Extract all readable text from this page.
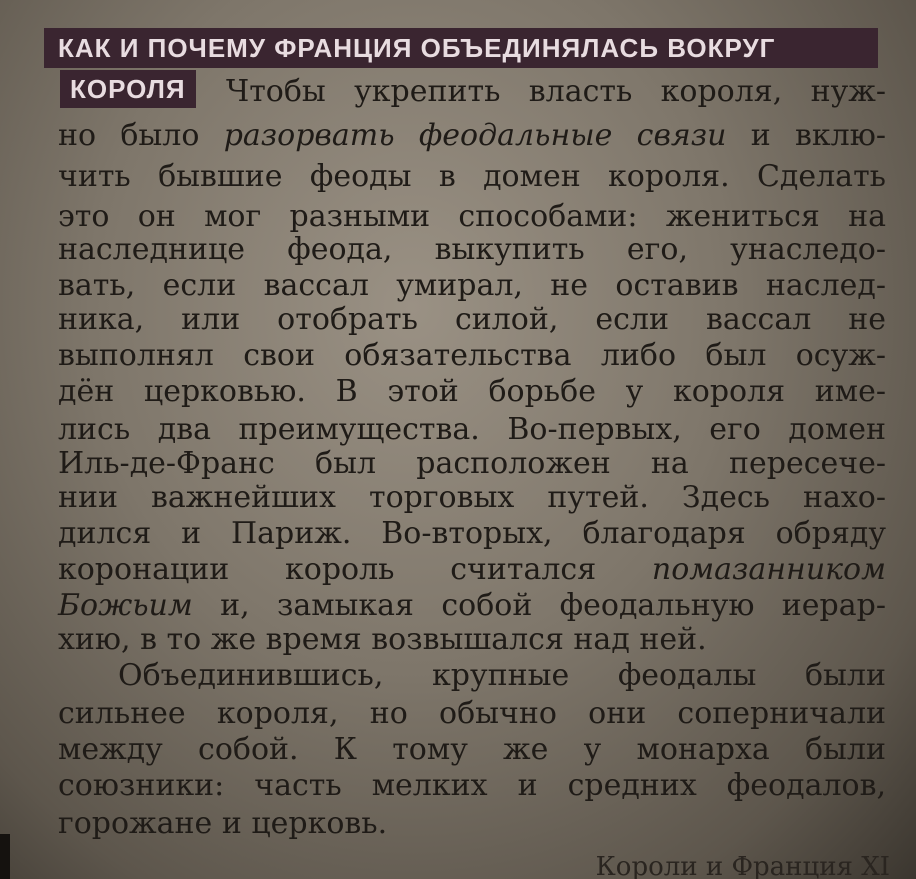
КАК И ПОЧЕМУ ФРАНЦИЯ ОБЪЕДИНЯЛАСЬ ВОКРУГ
КОРОЛЯ	Чтобы укрепить власть короля, нуж-
но было разорвать феодальные связи и вклю-
чить бывшие феоды в домен короля. Сделать
это он мог разными способами: жениться на
наследнице феода, выкупить его, унаследо-
вать, если вассал умирал, не оставив наслед-
ника, или отобрать силой, если вассал не
выполнял свои обязательства либо был осуж-
дён церковью. В этой борьбе у короля име-
лись два преимущества. Во-первых, его домен
Иль-де-Франс был расположен на пересече-
нии важнейших торговых путей. Здесь нахо-
дился и Париж. Во-вторых, благодаря обряду
коронации король считался помазанником
Божьим и, замыкая собой феодальную иерар-
хию, в то же время возвышался над ней.
Объединившись, крупные феодалы были
сильнее короля, но обычно они соперничали
между собой. К тому же у монарха были
союзники: часть мелких и средних феодалов,
горожане и церковь.
Короли и Франция XI
